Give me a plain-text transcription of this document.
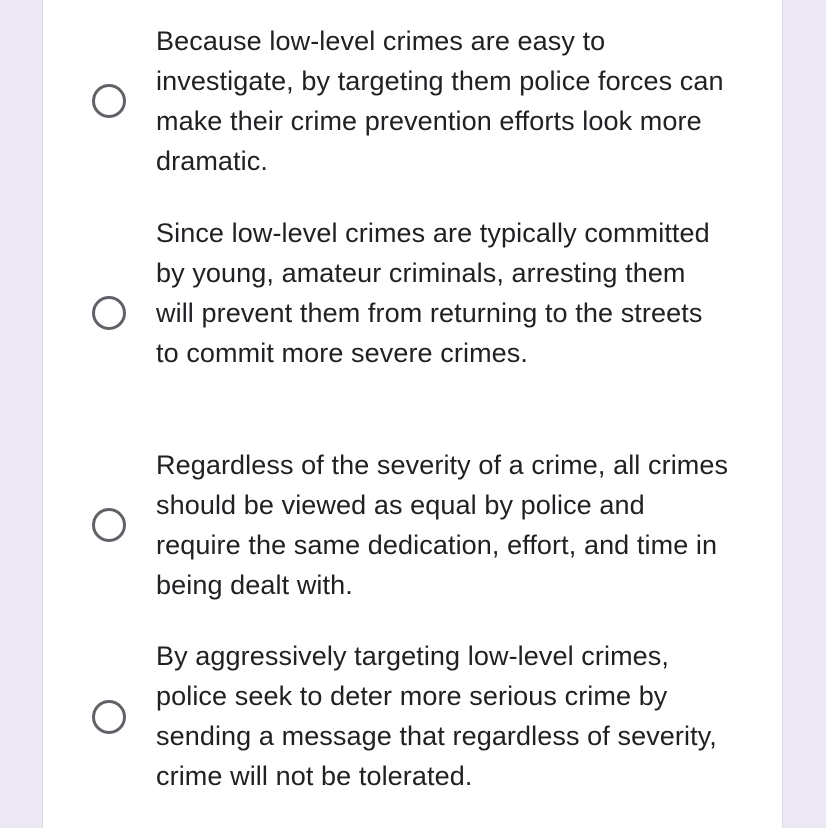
Because low-level crimes are easy to investigate, by targeting them police forces can make their crime prevention efforts look more dramatic.

Since low-level crimes are typically committed by young, amateur criminals, arresting them will prevent them from returning to the streets to commit more severe crimes.

Regardless of the severity of a crime, all crimes should be viewed as equal by police and require the same dedication, effort, and time in being dealt with.

By aggressively targeting low-level crimes, police seek to deter more serious crime by sending a message that regardless of severity, crime will not be tolerated.
